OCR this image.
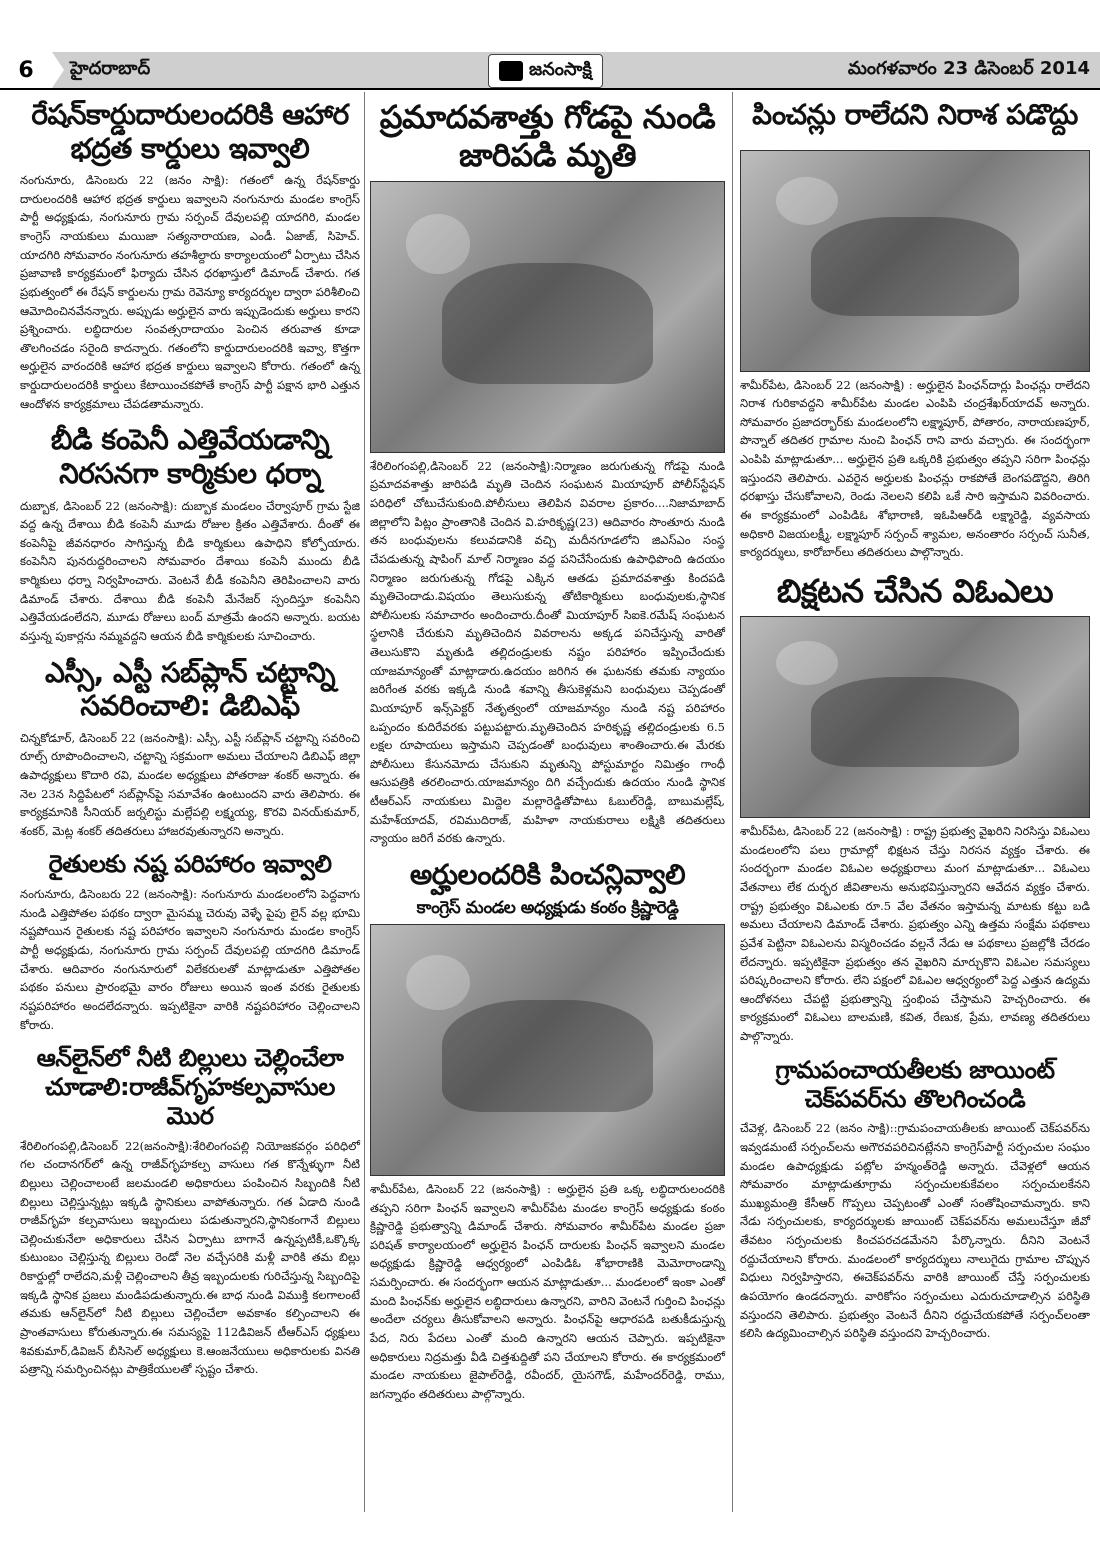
6	హైదరాబాద్	జనంసాక్షి	మంగళవారం 23 డిసెంబర్ 2014
రేషన్‌కార్డుదారులందరికి ఆహార భద్రత కార్డులు ఇవ్వాలి
నంగునూరు, డిసెంబరు 22 (జనం సాక్షి): గతంలో ఉన్న రేషన్‌కార్డు దారులందరికి ఆహార భద్రత కార్డులు ఇవ్వాలని నంగునూరు మండల కాంగ్రెస్ పార్టీ అధ్యక్షుడు, నంగునూరు గ్రామ సర్పంచ్ దేవులపల్లి యాదగిరి, మండల కాంగ్రెస్ నాయకులు మయిజా సత్యనారాయణ, ఎండీ. ఏజాజ్, సిహెచ్. యాదగిరి సోమవారం నంగునూరు తహశీల్దారు కార్యాలయంలో ఏర్పాటు చేసిన ప్రజావాణి కార్యక్రమంలో ఫిర్యాదు చేసిన ధరఖాస్తులో డిమాండ్ చేశారు. గత ప్రభుత్వంలో ఈ రేషన్ కార్డులను గ్రామ రెవెన్యూ కార్యదర్శుల ద్వారా పరిశీలించి ఆమోదించినవేనన్నారు. అప్పుడు అర్హులైన వారు ఇప్పుడెందుకు అర్హులు కారని ప్రశ్నించారు. లబ్ధిదారుల సంవత్సరాదాయం పెంచిన తరువాత కూడా తొలగించడం సరైంది కాదన్నారు. గతంలోని కార్డుదారులందరికి ఇవ్వా, కొత్తగా అర్హులైన వారందరికి ఆహార భద్రత కార్డులు ఇవ్వాలని కోరారు. గతంలో ఉన్న కార్డుదారులందరికి కార్డులు కేటాయించకపోతే కాంగ్రెస్ పార్టీ పక్షాన భారి ఎత్తున ఆందోళన కార్యక్రమాలు చేపడతామన్నారు.
బీడి కంపెనీ ఎత్తివేయడాన్ని నిరసనగా కార్మికుల ధర్నా
దుబ్బాక, డిసెంబర్ 22 (జనంసాక్షి): దుబ్బాక మండలం చేర్వాపూర్ గ్రామ స్టేజి వద్ద ఉన్న దేశాయి బీడి కంపెనీ మూడు రోజుల క్రితం ఎత్తివేశారు. దీంతో ఈ కంపెనీపై జీవనధారం సాగిస్తున్న బీడి కార్మికులు ఉపాధిని కోల్పోయారు. కంపెనీని పునరుద్దరించాలని సోమవారం దేశాయి కంపెనీ ముందు బీడి కార్మికులు ధర్నా నిర్వహించారు. వెంటనే బీడీ కంపెనీని తెరిపించాలని వారు డిమాండ్ చేశారు. దేశాయి బీడి కంపెనీ మేనేజర్ స్పందిస్తూ కంపెనీని ఎత్తివేయడంలేదని, మూడు రోజులు బంద్ మాత్రమే ఉందని అన్నారు. బయట వస్తున్న పుకార్లను నమ్మవద్దని ఆయన బీడి కార్మికులకు సూచించారు.
ఎస్సీ, ఎస్టీ సబ్‌ప్లాన్ చట్టాన్ని సవరించాలి: డిబిఎఫ్
చిన్నకోడూర్, డిసెంబర్ 22 (జనంసాక్షి): ఎస్సీ, ఎస్టీ సబ్‌ప్లాన్ చట్టాన్ని సవరించి రూల్స్ రూపొందించాలని, చట్టాన్ని సక్రమంగా అమలు చేయాలని డిబిఎఫ్ జిల్లా ఉపాధ్యక్షులు కొదారి రవి, మండల అధ్యక్షులు పోతరాజు శంకర్ అన్నారు. ఈ నెల 23న సిద్దిపేటలో సబ్‌ప్లాన్‌పై సమావేశం ఉంటుందని వారు తెలిపారు. ఈ కార్యక్రమానికి సీనియర్ జర్నలిస్టు మల్లేపల్లి లక్ష్మయ్య, కొరవి వినయ్‌కుమార్, శంకర్, మెట్ల శంకర్ తదితరులు హాజరవుతున్నారని అన్నారు.
రైతులకు నష్ట పరిహారం ఇవ్వాలి
నంగునూరు, డిసెంబరు 22 (జనంసాక్షి): నంగునూరు మండలంలోని పెద్దవాగు నుండి ఎత్తిపోతల పథకం ద్వారా మైసమ్మ చెరువు వెళ్ళే పైపు లైన్ వల్ల భూమి నష్టపోయిన రైతులకు నష్ట పరిహారం ఇవ్వాలని నంగునూరు మండల కాంగ్రెస్ పార్టీ అధ్యక్షుడు, నంగునూరు గ్రామ సర్పంచ్ దేవులపల్లి యాదగిరి డిమాండ్ చేశారు. ఆదివారం నంగునూరులో విలేకరులతో మాట్లాడుతూ ఎత్తిపోతల పథకం పనులు ప్రారంభమై వారం రోజులు అయిన ఇంత వరకు రైతులకు నష్టపరిహారం అందలేదన్నారు. ఇప్పటికైనా వారికి నష్టపరిహారం చెల్లించాలని కోరారు.
ఆన్‌లైన్‌లో నీటి బిల్లులు చెల్లించేలా చూడాలి:రాజీవ్‌గృహకల్పవాసుల మొర
శేరిలింగంపల్లి,డిసెంబర్ 22(జనంసాక్షి):శేరిలింగంపల్లి నియోజకవర్గం పరిధిలో గల చందానగర్‌లో ఉన్న రాజీవ్‌గృహకల్ప వాసులు గత కొన్నేళ్ళుగా నీటి బిల్లులు చెల్లించాలంటే జలమండలి అధికారులు పంపించిన సిబ్బందికి నీటి బిల్లులు చెల్లిస్తున్నట్లు ఇక్కడి స్థానికులు వాపోతున్నారు. గత ఏడాది నుండి రాజీవ్‌గృహ కల్పవాసులు ఇబ్బందులు పడుతున్నారని,స్థానికంగానే బిల్లులు చెల్లించుకునేలా అధికారులు చేసిన ఏర్పాటు బాగానే ఉన్నప్పటికీ,ఒక్కొక్క కుటుంబం చెల్లిస్తున్న బిల్లులు రెండో నెల వచ్చేసరికి మళ్లీ వారికి తమ బిల్లు రికార్డుల్లో రాలేదని,మళ్లీ చెల్లించాలని తీవ్ర ఇబ్బందులకు గురిచేస్తున్న సిబ్బందిపై ఇక్కడి స్థానిక ప్రజలు మండిపడుతున్నారు.ఈ బాధ నుండి విముక్తి కలగాలంటే తమకు ఆన్‌లైన్‌లో నీటి బిల్లులు చెల్లించేలా అవకాశం కల్పించాలని ఈ ప్రాంతవాసులు కోరుతున్నారు.ఈ సమస్యపై 112డివిజన్ టీఆర్‌ఎస్ ధ్యక్షులు శివకుమార్,డివిజన్ బీసిసెల్ అధ్యక్షులు కె.ఆంజనేయులు అధికారులకు వినతి పత్రాన్ని సమర్పించినట్లు పాత్రికేయులతో స్పష్టం చేశారు.
ప్రమాదవశాత్తు గోడపై నుండి జారిపడి మృతి
శేరిలింగంపల్లి,డిసెంబర్ 22 (జనంసాక్షి):నిర్మాణం జరుగుతున్న గోడపై నుండి ప్రమాదవశాత్తు జారిపడి మృతి చెందిన సంఘటన మియాపూర్ పోలీస్‌స్టేషన్ పరిధిలో చోటుచేసుకుంది.పోలీసులు తెలిపిన వివరాల ప్రకారం....నిజామాబాద్ జిల్లాలోని పిట్లం ప్రాంతానికి చెందిన వి.హరికృష్ణ(23) ఆదివారం సొంతూరు నుండి తన బంధువులను కలువడానికి వచ్చి మదీనగూడలోని జిఎస్‌ఎం సంస్థ చేపడుతున్న షాపింగ్ మాల్ నిర్మాణం వద్ద పనిచేసేందుకు ఉపాధిపొంది ఉదయం నిర్మాణం జరుగుతున్న గోడపై ఎక్కిన ఆతడు ప్రమాదవశాత్తు కిందపడి మృతిచెందాడు.విషయం తెలుసుకున్న తోటికార్మికులు బంధువులకు,స్థానిక పోలీసులకు సమాచారం అందించారు.దీంతో మియాపూర్ సిఐకె.రమేష్ సంఘటన స్థలానికి చేరుకుని మృతిచెందిన వివరాలను అక్కడ పనిచేస్తున్న వారితో తెలుసుకొని మృతుడి తల్లిదండ్రులకు నష్టం పరిహారం ఇప్పించేందుకు యాజమాన్యంతో మాట్లాడారు.ఉదయం జరిగిన ఈ ఘటనకు తమకు న్యాయం జరిగేంత వరకు ఇక్కడి నుండి శవాన్ని తీసుకెళ్లమని బంధువులు చెప్పడంతో మియాపూర్ ఇన్స్‌పెక్టర్ నేతృత్వంలో యాజమాన్యం నుండి నష్ట పరిహారం ఒప్పందం కుదిరేవరకు పట్టుపట్టారు.మృతిచెందిన హరికృష్ణ తల్లిదండ్రులకు 6.5 లక్షల రూపాయలు ఇస్తామని చెప్పడంతో బంధువులు శాంతించారు.ఈ మేరకు పోలీసులు కేసునమోదు చేసుకుని మృతున్ని పోస్టుమార్టం నిమిత్తం గాంధీ ఆసుపత్రికి తరలించారు.యాజమాన్యం దిగి వచ్చేందుకు ఉదయం నుండి స్థానిక టీఆర్‌ఎస్ నాయకులు మిద్దెల మల్లారెడ్డితోపాటు ఓబుల్‌రెడ్డి, బాబుమల్లేష్, మహేశ్‌యాదవ్, రవిముదిరాజ్, మహిళా నాయకురాలు లక్ష్మికి తదితరులు న్యాయం జరిగే వరకు ఉన్నారు.
అర్హులందరికి పించన్లివ్వాలి
కాంగ్రెస్ మండల అధ్యక్షుడు కంఠం క్రిష్ణారెడ్డి
శామీర్‌పేట, డిసెంబర్ 22 (జనంసాక్షి) : అర్హులైన ప్రతి ఒక్క లబ్ధిదారులందరికి తప్పని సరిగా పింఛన్ ఇవ్వాలని శామీర్‌పేట మండల కాంగ్రెస్ అధ్యక్షుడు కంఠం క్రిష్ణారెడ్డి ప్రభుత్వాన్ని డిమాండ్ చేశారు. సోమవారం శామీర్‌పేట మండల ప్రజా పరిషత్ కార్యాలయంలో అర్హులైన పింఛన్ దారులకు పింఛన్ ఇవ్వాలని మండల అధ్యక్షుడు క్రిష్ణారెడ్డి ఆధ్వర్యంలో ఎంపిడిఓ శోభారాణికి మెమోరాండాన్ని సమర్పించారు. ఈ సందర్భంగా ఆయన మాట్లాడుతూ... మండలంలో ఇంకా ఎంతో మంది పింఛన్‌కు అర్హులైన లబ్ధిదారులు ఉన్నారని, వారిని వెంటనే గుర్తించి పింఛన్లు అందేలా చర్యలు తీసుకోవాలని అన్నారు. పింఛన్‌పై ఆధారపడి బతుకీడుస్తున్న పేద, నిరు పేదలు ఎంతో మంది ఉన్నారని ఆయన చెప్పారు. ఇప్పటికైనా అధికారులు నిద్రమత్తు వీడి చిత్తశుద్దితో పని చేయాలని కోరారు. ఈ కార్యక్రమంలో మండల నాయకులు జైపాల్‌రెడ్డి, రవీందర్, యైసగౌడ్, మహేందర్‌రెడ్డి, రాము, జగన్నాథం తదితరులు పాల్గొన్నారు.
పించన్లు రాలేదని నిరాశ పడొద్దు
శామీర్‌పేట, డిసెంబర్ 22 (జనంసాక్షి) : అర్హులైన పింఛన్‌దార్లు పింఛన్లు రాలేదని నిరాశ గురికావద్దని శామీర్‌పేట మండల ఎంపిపి చంద్రశేఖర్‌యాదవ్ అన్నారు. సోమవారం ప్రజాదర్భార్‌కు మండలంలోని లక్ష్మాపూర్, పోతారం, నారాయణపూర్, పొన్నాల్ తదితర గ్రామాల నుంచి పింఛన్ రాని వారు వచ్చారు. ఈ సందర్భంగా ఎంపిపి మాట్లాడుతూ... అర్హులైన ప్రతి ఒక్కరికి ప్రభుత్వం తప్పని సరిగా పింఛన్లు ఇస్తుందని తెలిపారు. ఎవరైన అర్హులకు పింఛన్లు రాకపోతే బెంగపడొద్దని, తిరిగి ధరఖాస్తు చేసుకోవాలని, రెండు నెలలని కలిపి ఒకే సారి ఇస్తామని వివరించారు. ఈ కార్యక్రమంలో ఎంపిడిఓ శోభారాణి, ఇఓపిఆర్‌డి లక్ష్మారెడ్డి, వ్యవసాయ అధికారి విజయలక్ష్మీ, లక్ష్మాపూర్ సర్పంచ్ శ్యామల, అనంతారం సర్పంచ్ సునీత, కార్యదర్శులు, కారోబార్‌లు తదితరులు పాల్గొన్నారు.
బిక్షటన చేసిన విఓఎలు
శామీర్‌పేట, డిసెంబర్ 22 (జనంసాక్షి) : రాష్ట్ర ప్రభుత్వ వైఖరిని నిరసిస్తు విఓఎలు మండలంలోని పలు గ్రామాల్లో భిక్షటన చేస్తు నిరసన వ్యక్తం చేశారు. ఈ సందర్భంగా మండల విఓఎల అధ్యక్షురాలు మంగ మాట్లాడుతూ... విఓఎలు వేతనాలు లేక దుర్భర జీవితాలను అనుభవిస్తున్నారని ఆవేదన వ్యక్తం చేశారు. రాష్ట్ర ప్రభుత్వం విఓఎలకు రూ.5 వేల వేతనం ఇస్తామన్న మాటకు కట్టు బడి అమలు చేయాలని డిమాండ్ చేశారు. ప్రభుత్వం ఎన్ని ఉత్తమ సంక్షేమ పథకాలు ప్రవేశ పెట్టినా విఓఎలను విస్మరించడం వల్లనే నేడు ఆ పథకాలు ప్రజల్లోకి చేరడం లేదన్నారు. ఇప్పటికైనా ప్రభుత్వం తన వైఖరిని మార్చుకొని విఓఎల సమస్యలు పరిష్కరించాలని కోరారు. లేని పక్షంలో విఓఎల ఆధ్వర్యంలో పెద్ద ఎత్తున ఉద్యమ ఆందోళనలు చేపట్టి ప్రభుత్వాన్ని స్తంభింప చేస్తామని హెచ్చరించారు. ఈ కార్యక్రమంలో విఓఎలు బాలమణి, కవిత, రేణుక, ప్రేమ, లావణ్య తదితరులు పాల్గొన్నారు.
గ్రామపంచాయతీలకు జాయింట్ చెక్‌పవర్‌ను తొలగించండి
చేవెళ్ల, డిసెంబర్ 22 (జనం సాక్షి)::గ్రామపంచాయతీలకు జాయింట్ చెక్‌పవర్‌ను ఇవ్వడమంటే సర్పంచ్‌లను అగౌరవపరిచినట్లేనని కాంగ్రెస్‌పార్టీ సర్పంచుల సంఘం మండల ఉపాధ్యక్షుడు పట్లోల హన్మంత్‌రెడ్డి అన్నారు. చేవెళ్లలో ఆయన సోమవారం మాట్లాడుతూగ్రామ సర్పంచులకుకేవలం సర్పంచులకేనని ముఖ్యమంత్రి కేసీఆర్ గొప్పలు చెప్పటంతో ఎంతో సంతోషించామన్నారు. కాని నేడు సర్పంచులకు, కార్యదర్శులకు జాయింట్ చెక్‌పవర్‌ను అమలుచేస్తూ జీవో తేవటం సర్పంచులకు కించపరచడమేనని పేర్కొన్నారు. దీనిని వెంటనే రద్దుచేయాలని కోరారు. మండలంలో కార్యదర్శులు నాలుగైదు గ్రామాల చొప్పున విధులు నిర్వహిస్తారని, ఈచెక్‌పవర్‌ను వారికి జాయింట్ చేస్తే సర్పంచులకు ఉపయోగం ఉండదన్నారు. వారికోసం సర్పంచులు ఎదురుచూడాల్సిన పరిస్థితి వస్తుందని తెలిపారు. ప్రభుత్వం వెంటనే దీనిని రద్దుచేయకపోతే సర్పంచ్‌లంతా కలిసి ఉద్యమించాల్సిన పరిస్థితి వస్తుందని హెచ్చరించారు.
